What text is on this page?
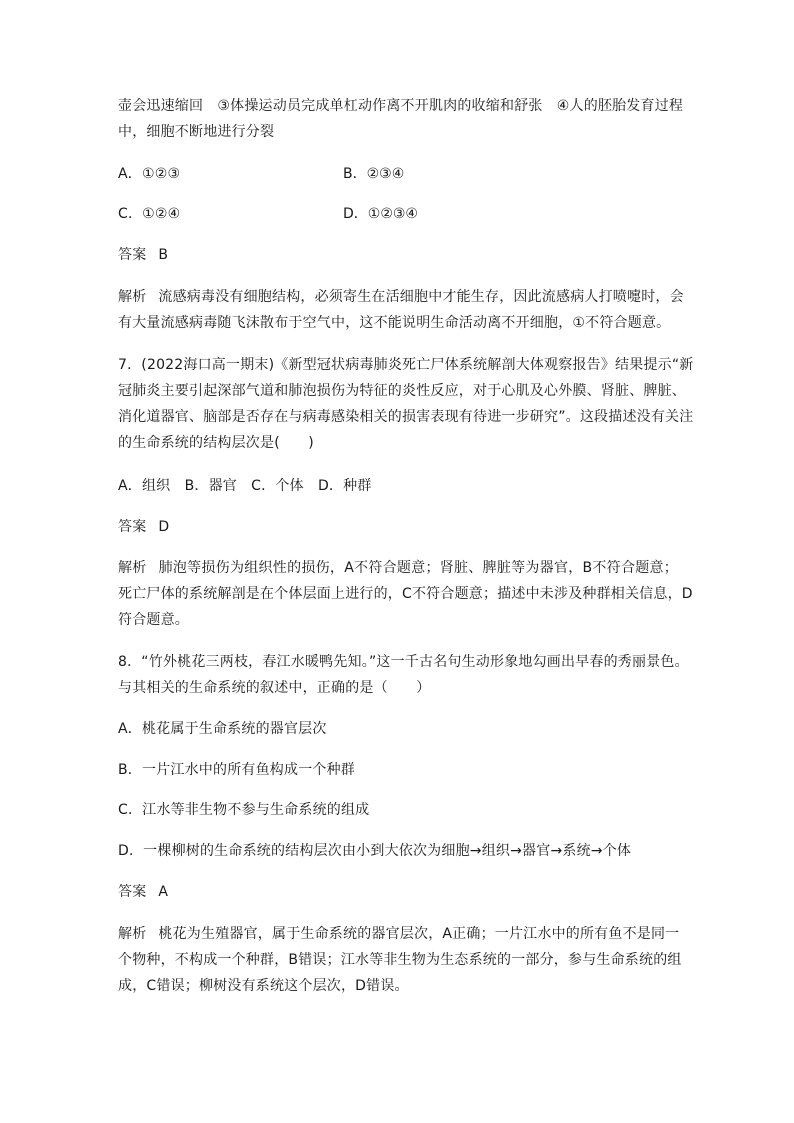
壶会迅速缩回　③体操运动员完成单杠动作离不开肌肉的收缩和舒张　④人的胚胎发育过程
中，细胞不断地进行分裂
A．①②③	B．②③④
C．①②④	D．①②③④
答案 B
解析 流感病毒没有细胞结构，必须寄生在活细胞中才能生存，因此流感病人打喷嚏时，会
有大量流感病毒随飞沫散布于空气中，这不能说明生命活动离不开细胞，①不符合题意。
7．(2022海口高一期末)《新型冠状病毒肺炎死亡尸体系统解剖大体观察报告》结果提示“新
冠肺炎主要引起深部气道和肺泡损伤为特征的炎性反应，对于心肌及心外膜、肾脏、脾脏、
消化道器官、脑部是否存在与病毒感染相关的损害表现有待进一步研究”。这段描述没有关注
的生命系统的结构层次是(　　)
A．组织　B．器官　C．个体　D．种群
答案 D
解析 肺泡等损伤为组织性的损伤，A不符合题意；肾脏、脾脏等为器官，B不符合题意；
死亡尸体的系统解剖是在个体层面上进行的，C不符合题意；描述中未涉及种群相关信息，D
符合题意。
8．“竹外桃花三两枝，春江水暖鸭先知。”这一千古名句生动形象地勾画出早春的秀丽景色。
与其相关的生命系统的叙述中，正确的是（　　）
A．桃花属于生命系统的器官层次
B．一片江水中的所有鱼构成一个种群
C．江水等非生物不参与生命系统的组成
D．一棵柳树的生命系统的结构层次由小到大依次为细胞→组织→器官→系统→个体
答案 A
解析 桃花为生殖器官，属于生命系统的器官层次，A正确；一片江水中的所有鱼不是同一
个物种，不构成一个种群，B错误；江水等非生物为生态系统的一部分，参与生命系统的组
成，C错误；柳树没有系统这个层次，D错误。
